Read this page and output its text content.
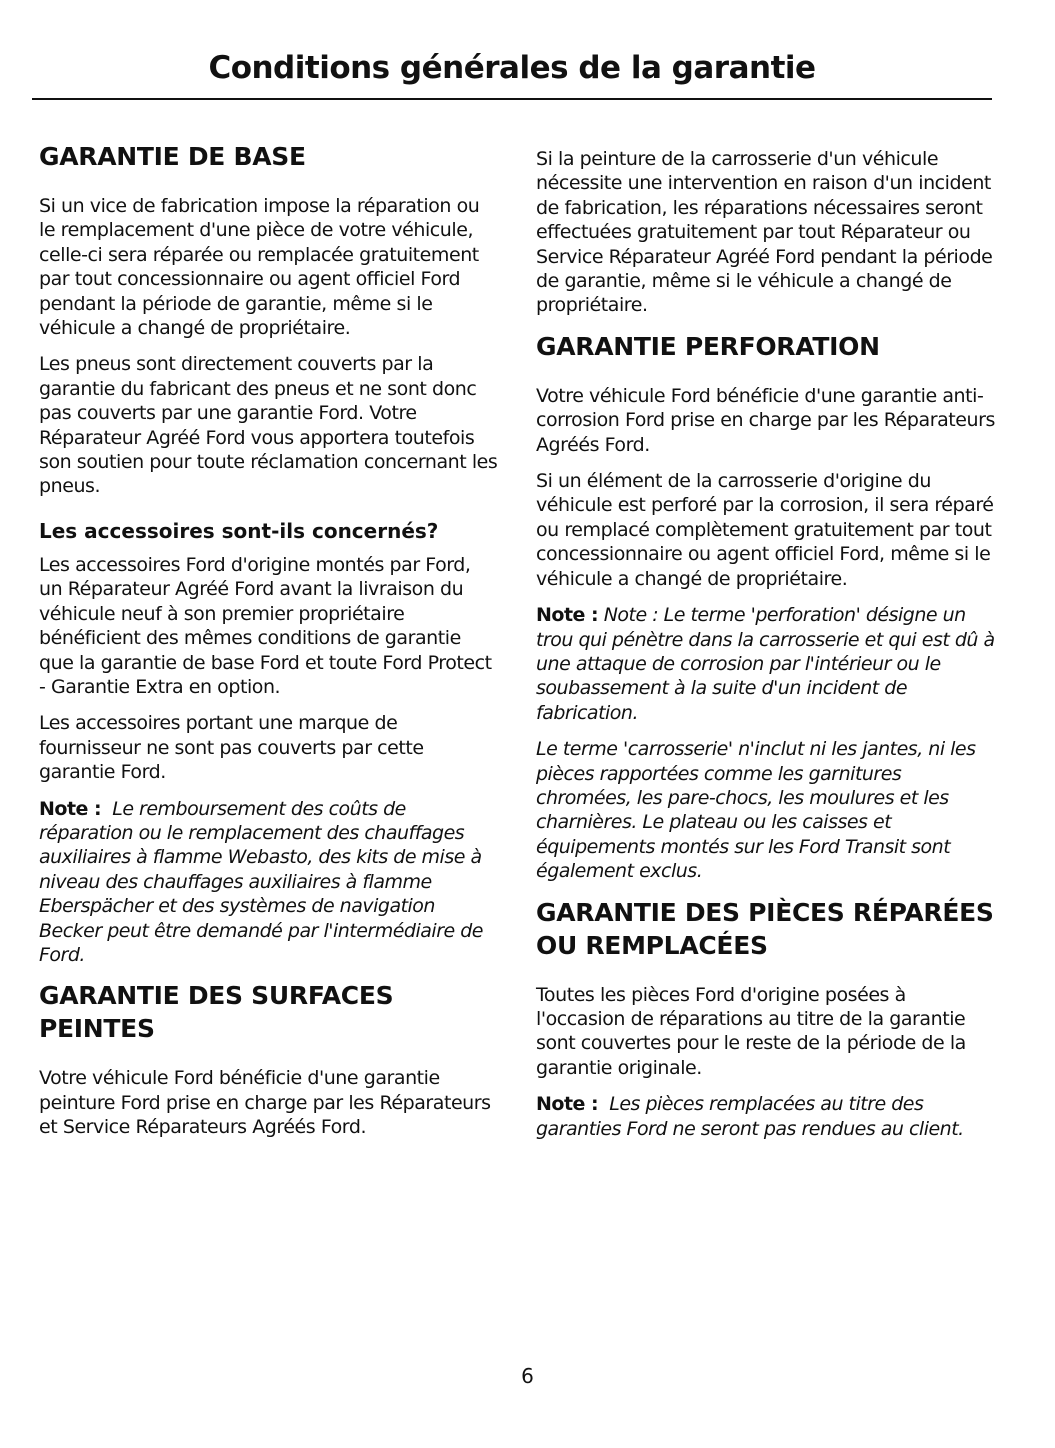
Conditions générales de la garantie
GARANTIE DE BASE

Si un vice de fabrication impose la réparation ou le remplacement d'une pièce de votre véhicule, celle-ci sera réparée ou remplacée gratuitement par tout concessionnaire ou agent officiel Ford pendant la période de garantie, même si le véhicule a changé de propriétaire.

Les pneus sont directement couverts par la garantie du fabricant des pneus et ne sont donc pas couverts par une garantie Ford. Votre Réparateur Agréé Ford vous apportera toutefois son soutien pour toute réclamation concernant les pneus.

Les accessoires sont-ils concernés?

Les accessoires Ford d'origine montés par Ford, un Réparateur Agréé Ford avant la livraison du véhicule neuf à son premier propriétaire bénéficient des mêmes conditions de garantie que la garantie de base Ford et toute Ford Protect - Garantie Extra en option.

Les accessoires portant une marque de fournisseur ne sont pas couverts par cette garantie Ford.

Note : Le remboursement des coûts de réparation ou le remplacement des chauffages auxiliaires à flamme Webasto, des kits de mise à niveau des chauffages auxiliaires à flamme Eberspächer et des systèmes de navigation Becker peut être demandé par l'intermédiaire de Ford.

GARANTIE DES SURFACES PEINTES

Votre véhicule Ford bénéficie d'une garantie peinture Ford prise en charge par les Réparateurs et Service Réparateurs Agréés Ford.

Si la peinture de la carrosserie d'un véhicule nécessite une intervention en raison d'un incident de fabrication, les réparations nécessaires seront effectuées gratuitement par tout Réparateur ou Service Réparateur Agréé Ford pendant la période de garantie, même si le véhicule a changé de propriétaire.

GARANTIE PERFORATION

Votre véhicule Ford bénéficie d'une garantie anti-corrosion Ford prise en charge par les Réparateurs Agréés Ford.

Si un élément de la carrosserie d'origine du véhicule est perforé par la corrosion, il sera réparé ou remplacé complètement gratuitement par tout concessionnaire ou agent officiel Ford, même si le véhicule a changé de propriétaire.

Note : Note : Le terme 'perforation' désigne un trou qui pénètre dans la carrosserie et qui est dû à une attaque de corrosion par l'intérieur ou le soubassement à la suite d'un incident de fabrication.

Le terme 'carrosserie' n'inclut ni les jantes, ni les pièces rapportées comme les garnitures chromées, les pare-chocs, les moulures et les charnières. Le plateau ou les caisses et équipements montés sur les Ford Transit sont également exclus.

GARANTIE DES PIÈCES RÉPARÉES OU REMPLACÉES

Toutes les pièces Ford d'origine posées à l'occasion de réparations au titre de la garantie sont couvertes pour le reste de la période de la garantie originale.

Note : Les pièces remplacées au titre des garanties Ford ne seront pas rendues au client.

6
